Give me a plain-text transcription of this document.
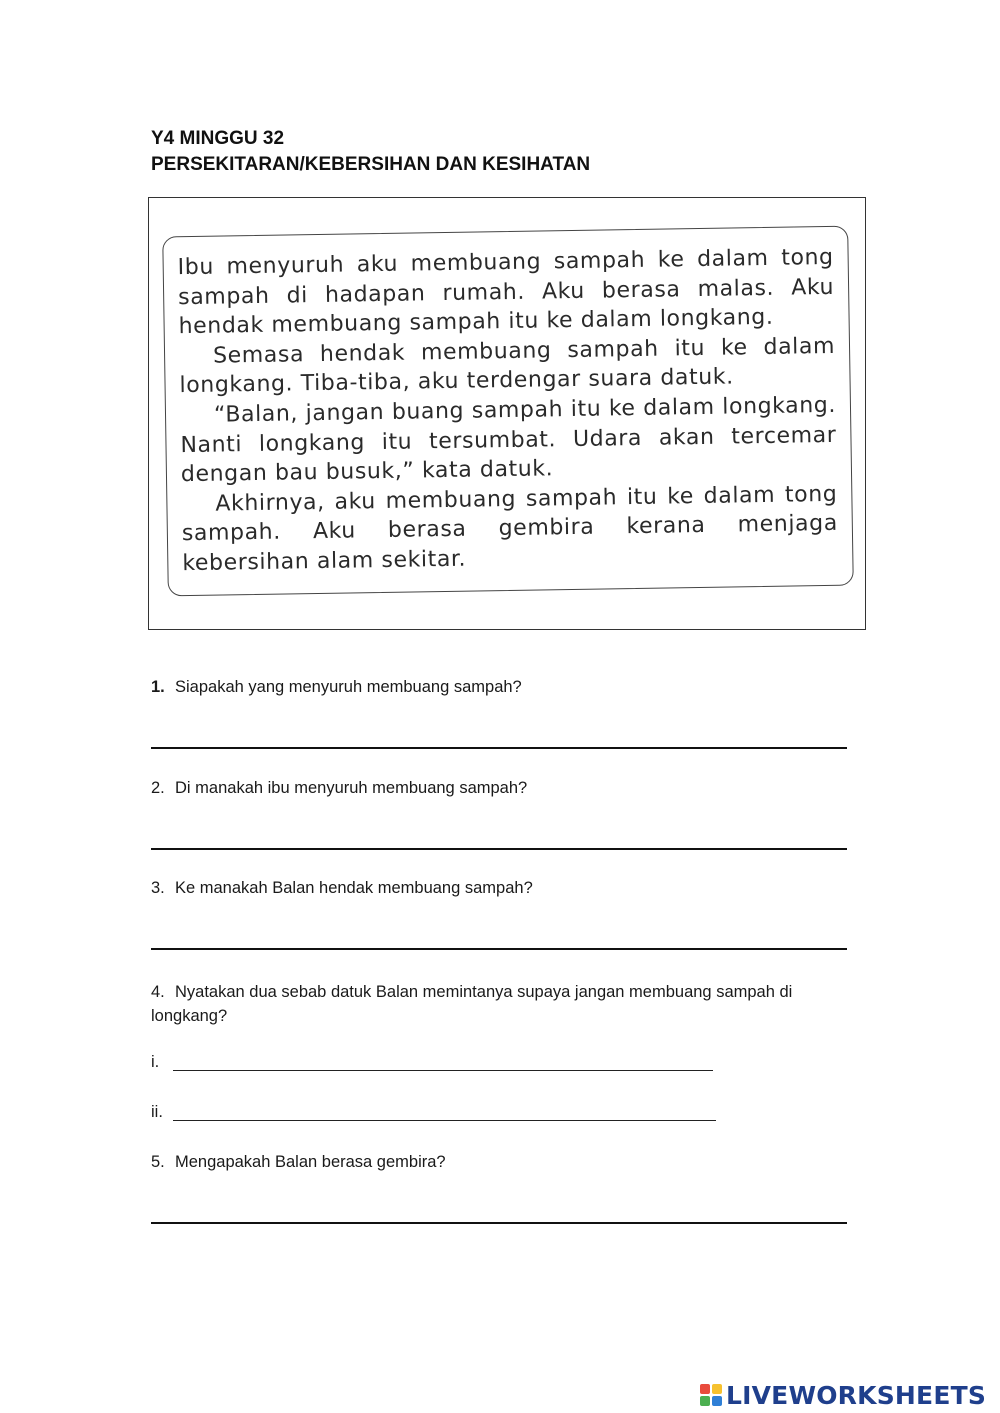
Y4 MINGGU 32
PERSEKITARAN/KEBERSIHAN DAN KESIHATAN

Ibu menyuruh aku membuang sampah ke dalam tong sampah di hadapan rumah. Aku berasa malas. Aku hendak membuang sampah itu ke dalam longkang.

Semasa hendak membuang sampah itu ke dalam longkang. Tiba-tiba, aku terdengar suara datuk.

“Balan, jangan buang sampah itu ke dalam longkang. Nanti longkang itu tersumbat. Udara akan tercemar dengan bau busuk,” kata datuk.

Akhirnya, aku membuang sampah itu ke dalam tong sampah. Aku berasa gembira kerana menjaga kebersihan alam sekitar.

1. Siapakah yang menyuruh membuang sampah?
2. Di manakah ibu menyuruh membuang sampah?
3. Ke manakah Balan hendak membuang sampah?
4. Nyatakan dua sebab datuk Balan memintanya supaya jangan membuang sampah di longkang?
i.
ii.
5. Mengapakah Balan berasa gembira?
LIVEWORKSHEETS
